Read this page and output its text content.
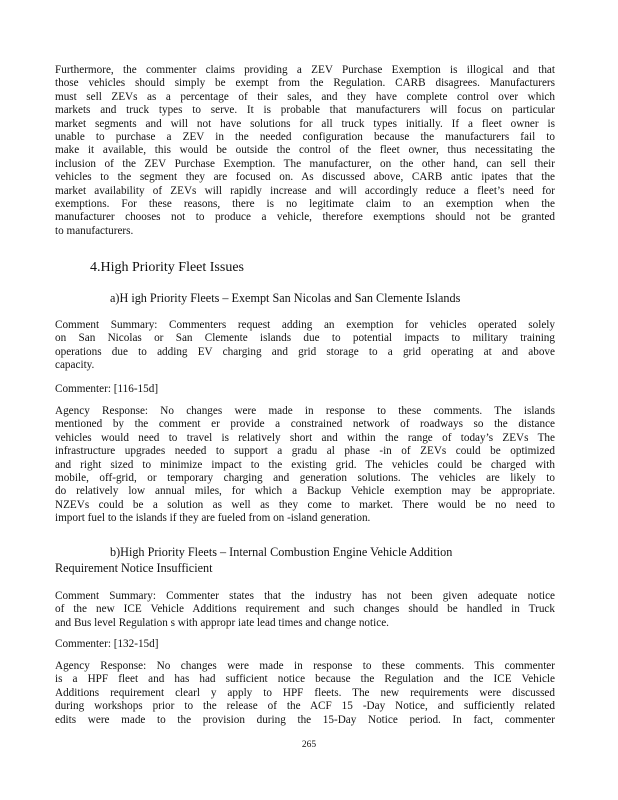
Furthermore, the commenter claims providing a ZEV Purchase Exemption is illogical and that
those vehicles should simply be exempt from the Regulation. CARB disagrees. Manufacturers
must sell ZEVs as a percentage of their sales, and they have complete control over which
markets and truck types to serve. It is probable that manufacturers will focus on particular
market segments and will not have solutions for all truck types initially. If a fleet owner is
unable to purchase a ZEV in the needed configuration because the manufacturers fail to
make it available, this would be outside the control of the fleet owner, thus necessitating the
inclusion of the ZEV Purchase Exemption. The manufacturer, on the other hand, can sell their
vehicles to the segment they are focused on. As discussed above, CARB antic ipates that the
market availability of ZEVs will rapidly increase and will accordingly reduce a fleet’s need for
exemptions. For these reasons, there is no legitimate claim to an exemption when the
manufacturer chooses not to produce a vehicle, therefore exemptions should not be granted
to manufacturers.
4.High Priority Fleet Issues
a)H igh Priority Fleets – Exempt San Nicolas and San Clemente Islands
Comment Summary: Commenters request adding an exemption for vehicles operated solely
on San Nicolas or San Clemente islands due to potential impacts to military training
operations due to adding EV charging and grid storage to a grid operating at and above
capacity.
Commenter: [116-15d]
Agency Response: No changes were made in response to these comments. The islands
mentioned by the comment er provide a constrained network of roadways so the distance
vehicles would need to travel is relatively short and within the range of today’s ZEVs The
infrastructure upgrades needed to support a gradu al phase -in of ZEVs could be optimized
and right sized to minimize impact to the existing grid. The vehicles could be charged with
mobile, off-grid, or temporary charging and generation solutions. The vehicles are likely to
do relatively low annual miles, for which a Backup Vehicle exemption may be appropriate.
NZEVs could be a solution as well as they come to market. There would be no need to
import fuel to the islands if they are fueled from on -island generation.
b)High Priority Fleets – Internal Combustion Engine Vehicle Addition
Requirement Notice Insufficient
Comment Summary: Commenter states that the industry has not been given adequate notice
of the new ICE Vehicle Additions requirement and such changes should be handled in Truck
and Bus level Regulation s with appropr iate lead times and change notice.
Commenter: [132-15d]
Agency Response: No changes were made in response to these comments. This commenter
is a HPF fleet and has had sufficient notice because the Regulation and the ICE Vehicle
Additions requirement clearl y apply to HPF fleets. The new requirements were discussed
during workshops prior to the release of the ACF 15 -Day Notice, and sufficiently related
edits were made to the provision during the 15-Day Notice period. In fact, commenter
265
